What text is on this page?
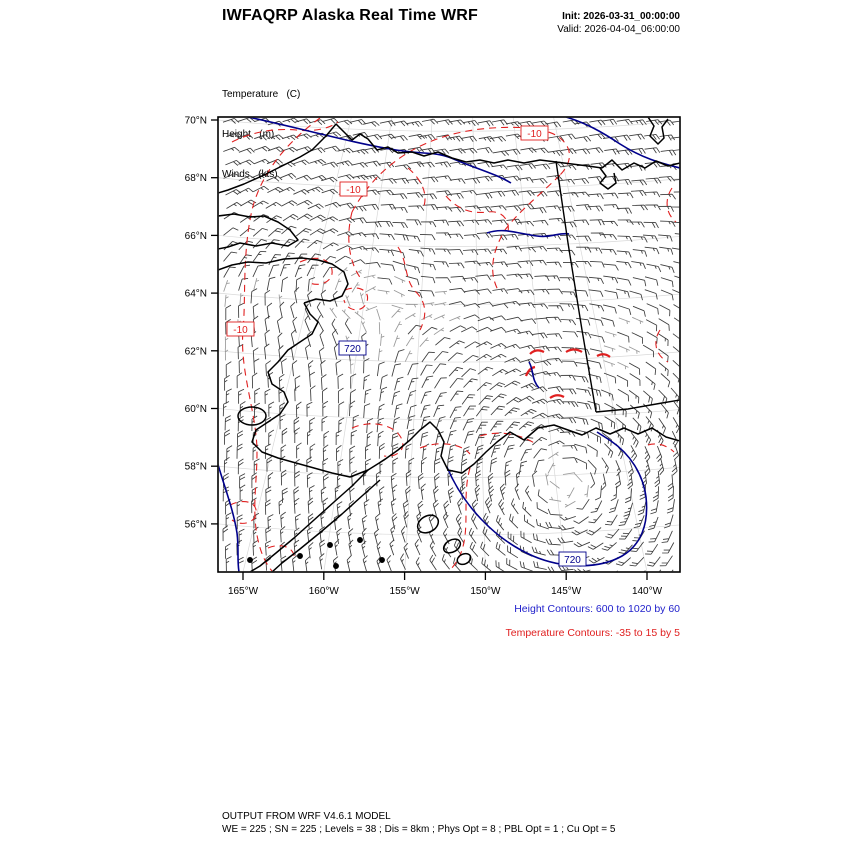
IWFAQRP Alaska Real Time WRF	Init: 2026-03-31_00:00:00
Valid: 2026-04-04_06:00:00

Temperature   (C)

Height   (m)

Winds   (kts)

720
720
-10
-10
-10
70°N
68°N
66°N
64°N
62°N
60°N
58°N
56°N
165°W	160°W	155°W	150°W	145°W	140°W
Height Contours: 600 to 1020 by 60
Temperature Contours: -35 to 15 by 5
OUTPUT FROM WRF V4.6.1 MODEL
WE = 225 ; SN = 225 ; Levels = 38 ; Dis = 8km ; Phys Opt = 8 ; PBL Opt = 1 ; Cu Opt = 5
